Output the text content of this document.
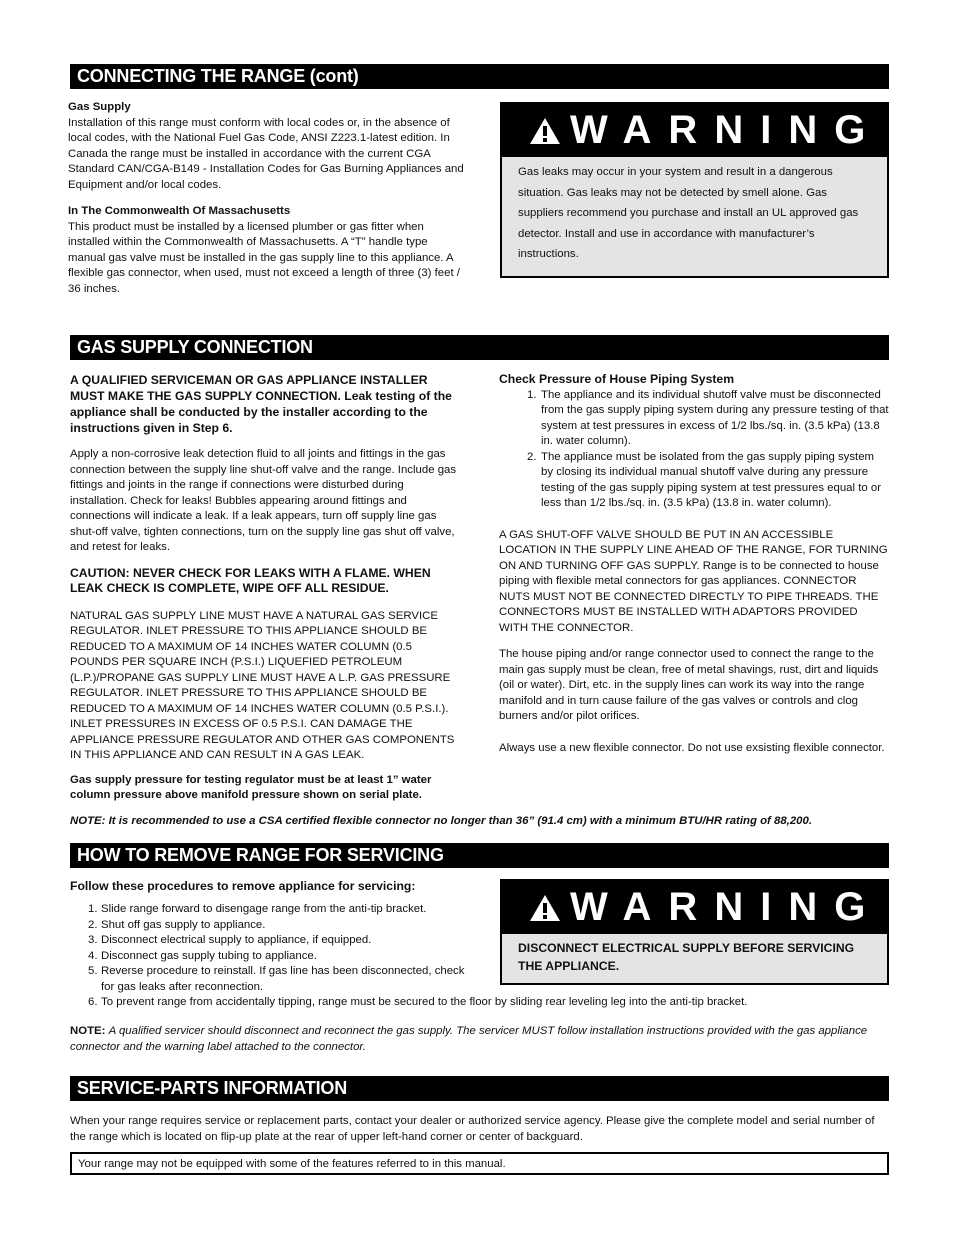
CONNECTING THE RANGE (cont)

Gas Supply

Installation of this range must conform with local codes or, in the absence of local codes, with the National Fuel Gas Code, ANSI Z223.1-latest edition. In Canada the range must be installed in accordance with the current CGA Standard CAN/CGA-B149 - Installation Codes for Gas Burning Appliances and Equipment and/or local codes.

In The Commonwealth Of Massachusetts

This product must be installed by a licensed plumber or gas fitter when installed within the Commonwealth of Massachusetts. A “T” handle type manual gas valve must be installed in the gas supply line to this appliance. A flexible gas connector, when used, must not exceed a length of three (3) feet / 36 inches.

WARNING

Gas leaks may occur in your system and result in a dangerous situation. Gas leaks may not be detected by smell alone. Gas suppliers recommend you purchase and install an UL approved gas detector. Install and use in accordance with manufacturer’s instructions.

GAS SUPPLY CONNECTION

A QUALIFIED SERVICEMAN OR GAS APPLIANCE INSTALLER MUST MAKE THE GAS SUPPLY CONNECTION. Leak testing of the appliance shall be conducted by the installer according to the instructions given in Step 6.

Apply a non-corrosive leak detection fluid to all joints and fittings in the gas connection between the supply line shut-off valve and the range. Include gas fittings and joints in the range if connections were disturbed during installation. Check for leaks! Bubbles appearing around fittings and connections will indicate a leak. If a leak appears, turn off supply line gas shut-off valve, tighten connections, turn on the supply line gas shut off valve, and retest for leaks.

CAUTION: NEVER CHECK FOR LEAKS WITH A FLAME. WHEN LEAK CHECK IS COMPLETE, WIPE OFF ALL RESIDUE.

NATURAL GAS SUPPLY LINE MUST HAVE A NATURAL GAS SERVICE REGULATOR. INLET PRESSURE TO THIS APPLIANCE SHOULD BE REDUCED TO A MAXIMUM OF 14 INCHES WATER COLUMN (0.5 POUNDS PER SQUARE INCH (P.S.I.) LIQUEFIED PETROLEUM (L.P.)/PROPANE GAS SUPPLY LINE MUST HAVE A L.P. GAS PRESSURE REGULATOR. INLET PRESSURE TO THIS APPLIANCE SHOULD BE REDUCED TO A MAXIMUM OF 14 INCHES WATER COLUMN (0.5 P.S.I.). INLET PRESSURES IN EXCESS OF 0.5 P.S.I. CAN DAMAGE THE APPLIANCE PRESSURE REGULATOR AND OTHER GAS COMPONENTS IN THIS APPLIANCE AND CAN RESULT IN A GAS LEAK.

Gas supply pressure for testing regulator must be at least 1” water column pressure above manifold pressure shown on serial plate.

Check Pressure of House Piping System

1. The appliance and its individual shutoff valve must be disconnected from the gas supply piping system during any pressure testing of that system at test pressures in excess of 1/2 lbs./sq. in. (3.5 kPa) (13.8 in. water column).
2. The appliance must be isolated from the gas supply piping system by closing its individual manual shutoff valve during any pressure testing of the gas supply piping system at test pressures equal to or less than 1/2 lbs./sq. in. (3.5 kPa) (13.8 in. water column).

A GAS SHUT-OFF VALVE SHOULD BE PUT IN AN ACCESSIBLE LOCATION IN THE SUPPLY LINE AHEAD OF THE RANGE, FOR TURNING ON AND TURNING OFF GAS SUPPLY. Range is to be connected to house piping with flexible metal connectors for gas appliances. CONNECTOR NUTS MUST NOT BE CONNECTED DIRECTLY TO PIPE THREADS. THE CONNECTORS MUST BE INSTALLED WITH ADAPTORS PROVIDED WITH THE CONNECTOR.

The house piping and/or range connector used to connect the range to the main gas supply must be clean, free of metal shavings, rust, dirt and liquids (oil or water). Dirt, etc. in the supply lines can work its way into the range manifold and in turn cause failure of the gas valves or controls and clog burners and/or pilot orifices.

Always use a new flexible connector. Do not use exsisting flexible connector.

NOTE: It is recommended to use a CSA certified flexible connector no longer than 36” (91.4 cm) with a minimum BTU/HR rating of 88,200.

HOW TO REMOVE RANGE FOR SERVICING

Follow these procedures to remove appliance for servicing:

1. Slide range forward to disengage range from the anti-tip bracket.
2. Shut off gas supply to appliance.
3. Disconnect electrical supply to appliance, if equipped.
4. Disconnect gas supply tubing to appliance.
5. Reverse procedure to reinstall. If gas line has been disconnected, check for gas leaks after reconnection.
6. To prevent range from accidentally tipping, range must be secured to the floor by sliding rear leveling leg into the anti-tip bracket.
WARNING

DISCONNECT ELECTRICAL SUPPLY BEFORE SERVICING THE APPLIANCE.

NOTE: A qualified servicer should disconnect and reconnect the gas supply. The servicer MUST follow installation instructions provided with the gas appliance connector and the warning label attached to the connector.

SERVICE-PARTS INFORMATION

When your range requires service or replacement parts, contact your dealer or authorized service agency. Please give the complete model and serial number of the range which is located on flip-up plate at the rear of upper left-hand corner or center of backguard.

Your range may not be equipped with some of the features referred to in this manual.
